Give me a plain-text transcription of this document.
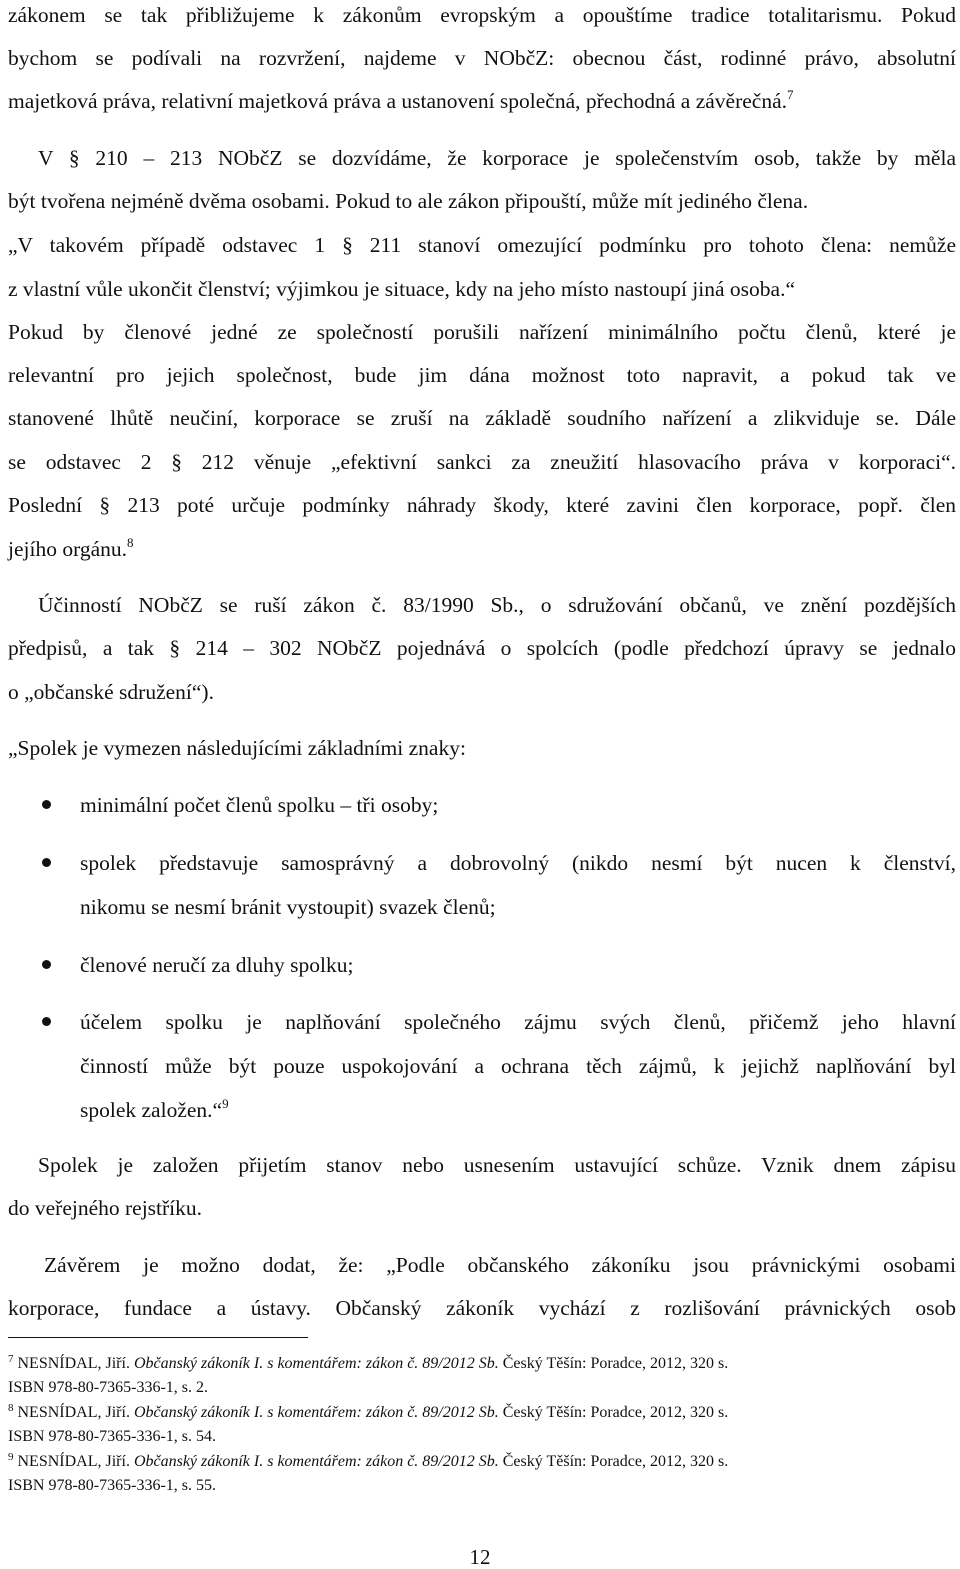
zákonem se tak přibližujeme k zákonům evropským a opouštíme tradice totalitarismu. Pokud
bychom se podívali na rozvržení, najdeme v NObčZ: obecnou část, rodinné právo, absolutní
majetková práva, relativní majetková práva a ustanovení společná, přechodná a závěrečná.$^7$
V § 210 – 213 NObčZ se dozvídáme, že korporace je společenstvím osob, takže by měla
být tvořena nejméně dvěma osobami. Pokud to ale zákon připouští, může mít jediného člena.
„V takovém případě odstavec 1 § 211 stanoví omezující podmínku pro tohoto člena: nemůže
z vlastní vůle ukončit členství; výjimkou je situace, kdy na jeho místo nastoupí jiná osoba.“
Pokud by členové jedné ze společností porušili nařízení minimálního počtu členů, které je
relevantní pro jejich společnost, bude jim dána možnost toto napravit, a pokud tak ve
stanovené lhůtě neučiní, korporace se zruší na základě soudního nařízení a zlikviduje se. Dále
se odstavec 2 § 212 věnuje „efektivní sankci za zneužití hlasovacího práva v korporaci“.
Poslední § 213 poté určuje podmínky náhrady škody, které zavini člen korporace, popř. člen
jejího orgánu.$^8$
Účinností NObčZ se ruší zákon č. 83/1990 Sb., o sdružování občanů, ve znění pozdějších
předpisů, a tak § 214 – 302 NObčZ pojednává o spolcích (podle předchozí úpravy se jednalo
o „občanské sdružení“).
„Spolek je vymezen následujícími základními znaky:
minimální počet členů spolku – tři osoby;
spolek představuje samosprávný a dobrovolný (nikdo nesmí být nucen k členství,
nikomu se nesmí bránit vystoupit) svazek členů;
členové neručí za dluhy spolku;
účelem spolku je naplňování společného zájmu svých členů, přičemž jeho hlavní
činností může být pouze uspokojování a ochrana těch zájmů, k jejichž naplňování byl
spolek založen.“$^9$
Spolek je založen přijetím stanov nebo usnesením ustavující schůze. Vznik dnem zápisu
do veřejného rejstříku.
Závěrem je možno dodat, že: „Podle občanského zákoníku jsou právnickými osobami
korporace, fundace a ústavy. Občanský zákoník vychází z rozlišování právnických osob
$^7$ NESNÍDAL, Jiří. Občanský zákoník I. s komentářem: zákon č. 89/2012 Sb. Český Těšín: Poradce, 2012, 320 s.
ISBN 978-80-7365-336-1, s. 2.
$^8$ NESNÍDAL, Jiří. Občanský zákoník I. s komentářem: zákon č. 89/2012 Sb. Český Těšín: Poradce, 2012, 320 s.
ISBN 978-80-7365-336-1, s. 54.
$^9$ NESNÍDAL, Jiří. Občanský zákoník I. s komentářem: zákon č. 89/2012 Sb. Český Těšín: Poradce, 2012, 320 s.
ISBN 978-80-7365-336-1, s. 55.
12
